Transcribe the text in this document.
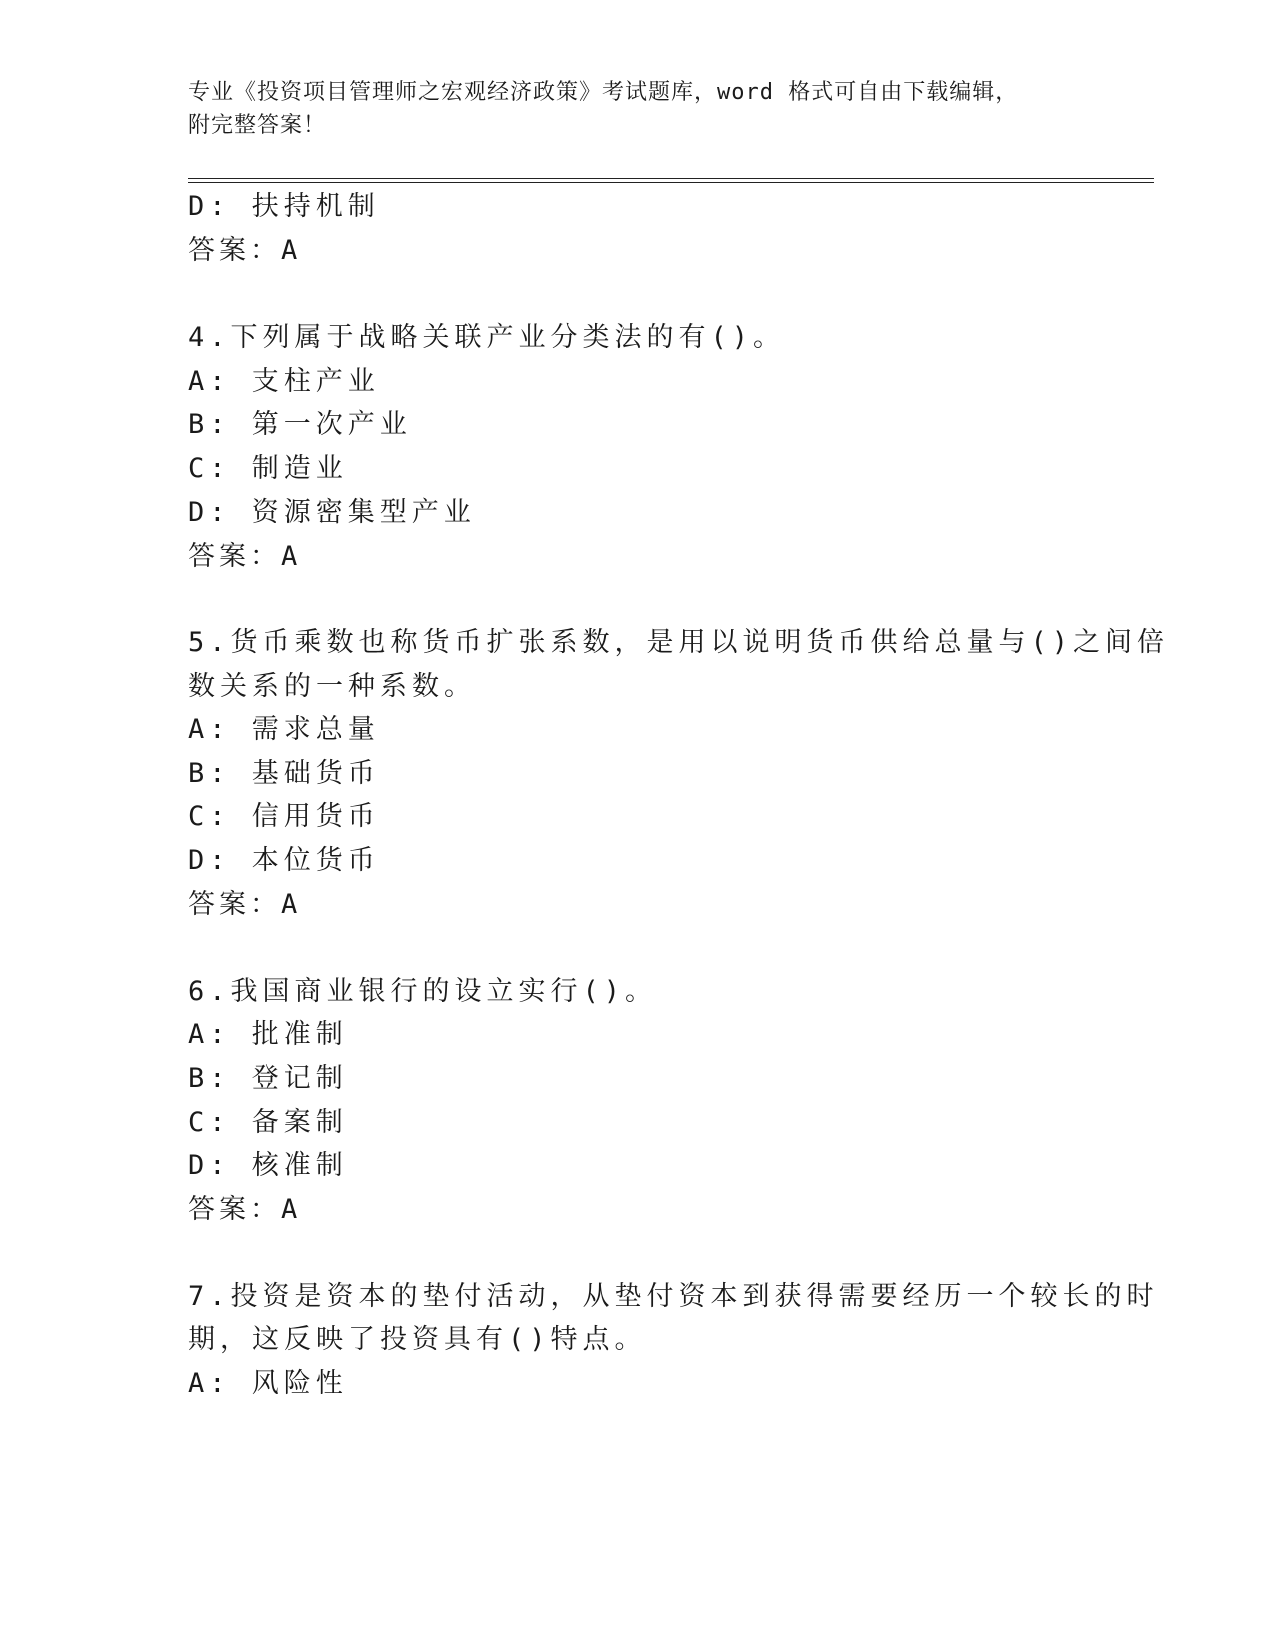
专业《投资项目管理师之宏观经济政策》考试题库，word 格式可自由下载编辑，
附完整答案！
D: 扶持机制
答案：A
4.下列属于战略关联产业分类法的有()。
A: 支柱产业
B: 第一次产业
C: 制造业
D: 资源密集型产业
答案：A
5.货币乘数也称货币扩张系数，是用以说明货币供给总量与()之间倍
数关系的一种系数。
A: 需求总量
B: 基础货币
C: 信用货币
D: 本位货币
答案：A
6.我国商业银行的设立实行()。
A: 批准制
B: 登记制
C: 备案制
D: 核准制
答案：A
7.投资是资本的垫付活动，从垫付资本到获得需要经历一个较长的时
期，这反映了投资具有()特点。
A: 风险性
